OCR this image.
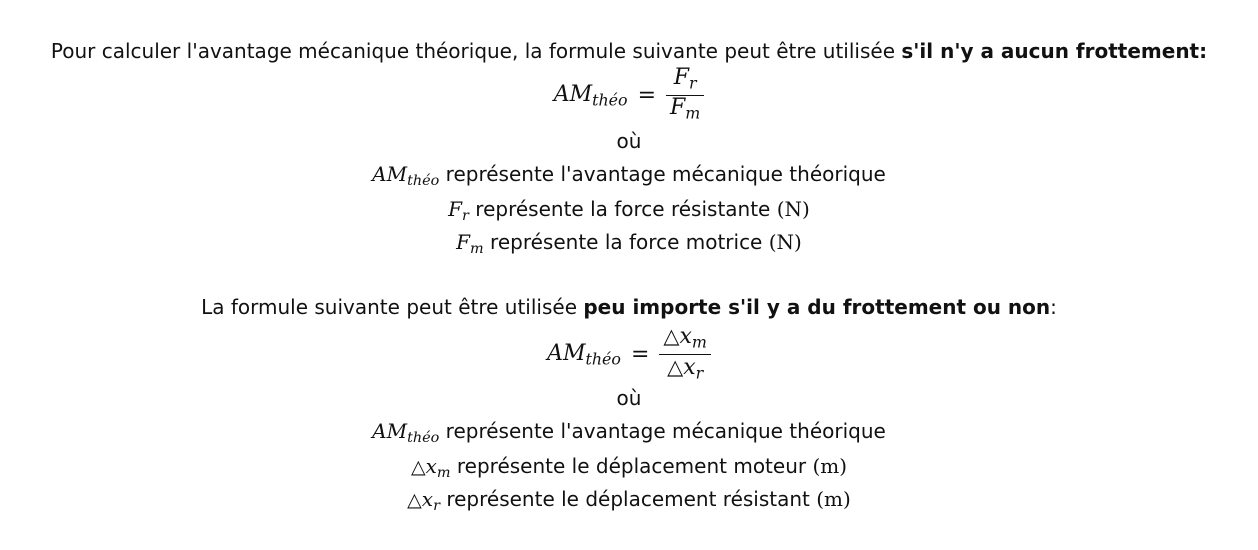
Pour calculer l'avantage mécanique théorique, la formule suivante peut être utilisée s'il n'y a aucun frottement:
$AM_{théo} = \frac{F_r}{F_m}$
où
$AM_{théo}$ représente l'avantage mécanique théorique
$F_r$ représente la force résistante (N)
$F_m$ représente la force motrice (N)
La formule suivante peut être utilisée peu importe s'il y a du frottement ou non:
$AM_{théo} = \frac{\triangle x_m}{\triangle x_r}$
où
$AM_{théo}$ représente l'avantage mécanique théorique
$\triangle x_m$ représente le déplacement moteur (m)
$\triangle x_r$ représente le déplacement résistant (m)
